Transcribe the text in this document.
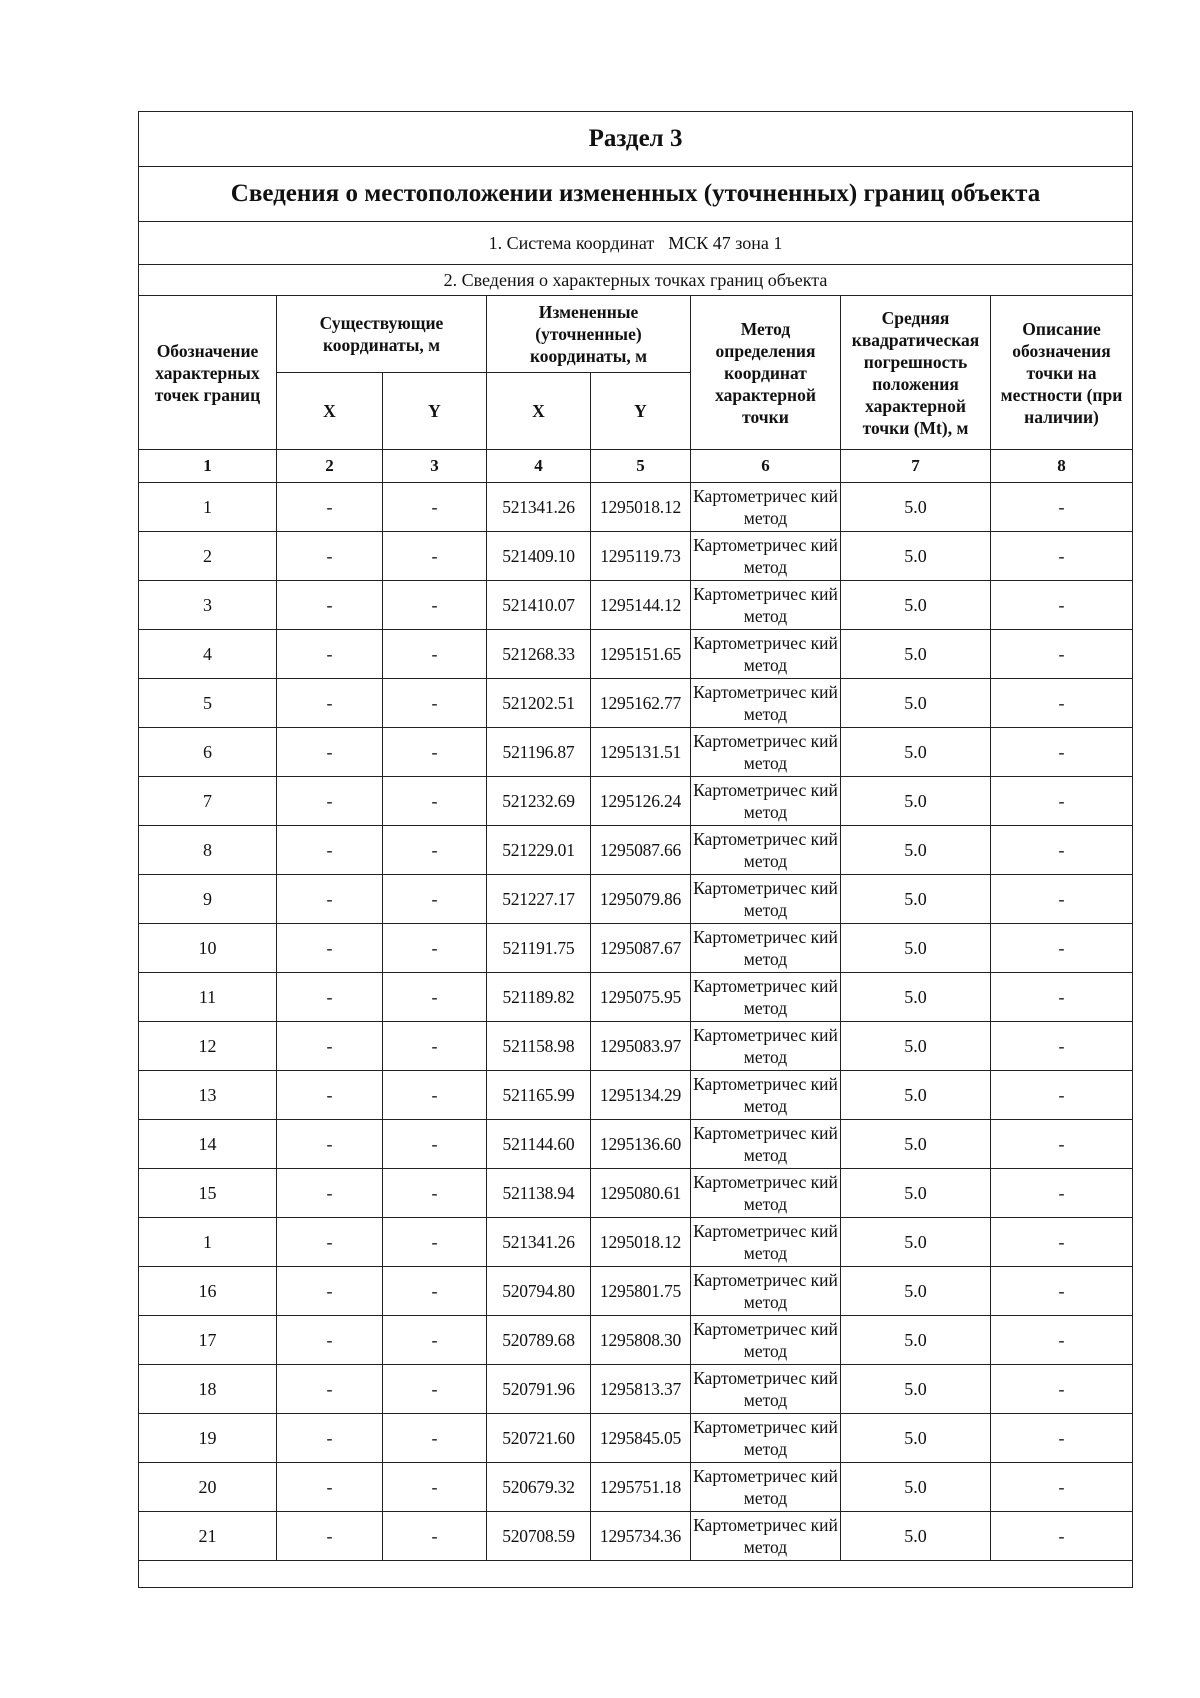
Раздел 3							
Сведения о местоположении измененных (уточненных) границ объекта							
1. Система координат МСК 47 зона 1							
2. Сведения о характерных точках границ объекта							
Обозначение характерных точек границ	Существующие координаты, м		Измененные (уточненные) координаты, м		Метод определения координат характерной точки	Средняя квадратическая погрешность положения характерной точки (Mt), м	Описание обозначения точки на местности (при наличии)
	X	Y	X	Y			
1	2	3	4	5	6	7	8
1	-	-	521341.26	1295018.12	Картометричес кий метод	5.0	-
2	-	-	521409.10	1295119.73	Картометричес кий метод	5.0	-
3	-	-	521410.07	1295144.12	Картометричес кий метод	5.0	-
4	-	-	521268.33	1295151.65	Картометричес кий метод	5.0	-
5	-	-	521202.51	1295162.77	Картометричес кий метод	5.0	-
6	-	-	521196.87	1295131.51	Картометричес кий метод	5.0	-
7	-	-	521232.69	1295126.24	Картометричес кий метод	5.0	-
8	-	-	521229.01	1295087.66	Картометричес кий метод	5.0	-
9	-	-	521227.17	1295079.86	Картометричес кий метод	5.0	-
10	-	-	521191.75	1295087.67	Картометричес кий метод	5.0	-
11	-	-	521189.82	1295075.95	Картометричес кий метод	5.0	-
12	-	-	521158.98	1295083.97	Картометричес кий метод	5.0	-
13	-	-	521165.99	1295134.29	Картометричес кий метод	5.0	-
14	-	-	521144.60	1295136.60	Картометричес кий метод	5.0	-
15	-	-	521138.94	1295080.61	Картометричес кий метод	5.0	-
1	-	-	521341.26	1295018.12	Картометричес кий метод	5.0	-
16	-	-	520794.80	1295801.75	Картометричес кий метод	5.0	-
17	-	-	520789.68	1295808.30	Картометричес кий метод	5.0	-
18	-	-	520791.96	1295813.37	Картометричес кий метод	5.0	-
19	-	-	520721.60	1295845.05	Картометричес кий метод	5.0	-
20	-	-	520679.32	1295751.18	Картометричес кий метод	5.0	-
21	-	-	520708.59	1295734.36	Картометричес кий метод	5.0	-
